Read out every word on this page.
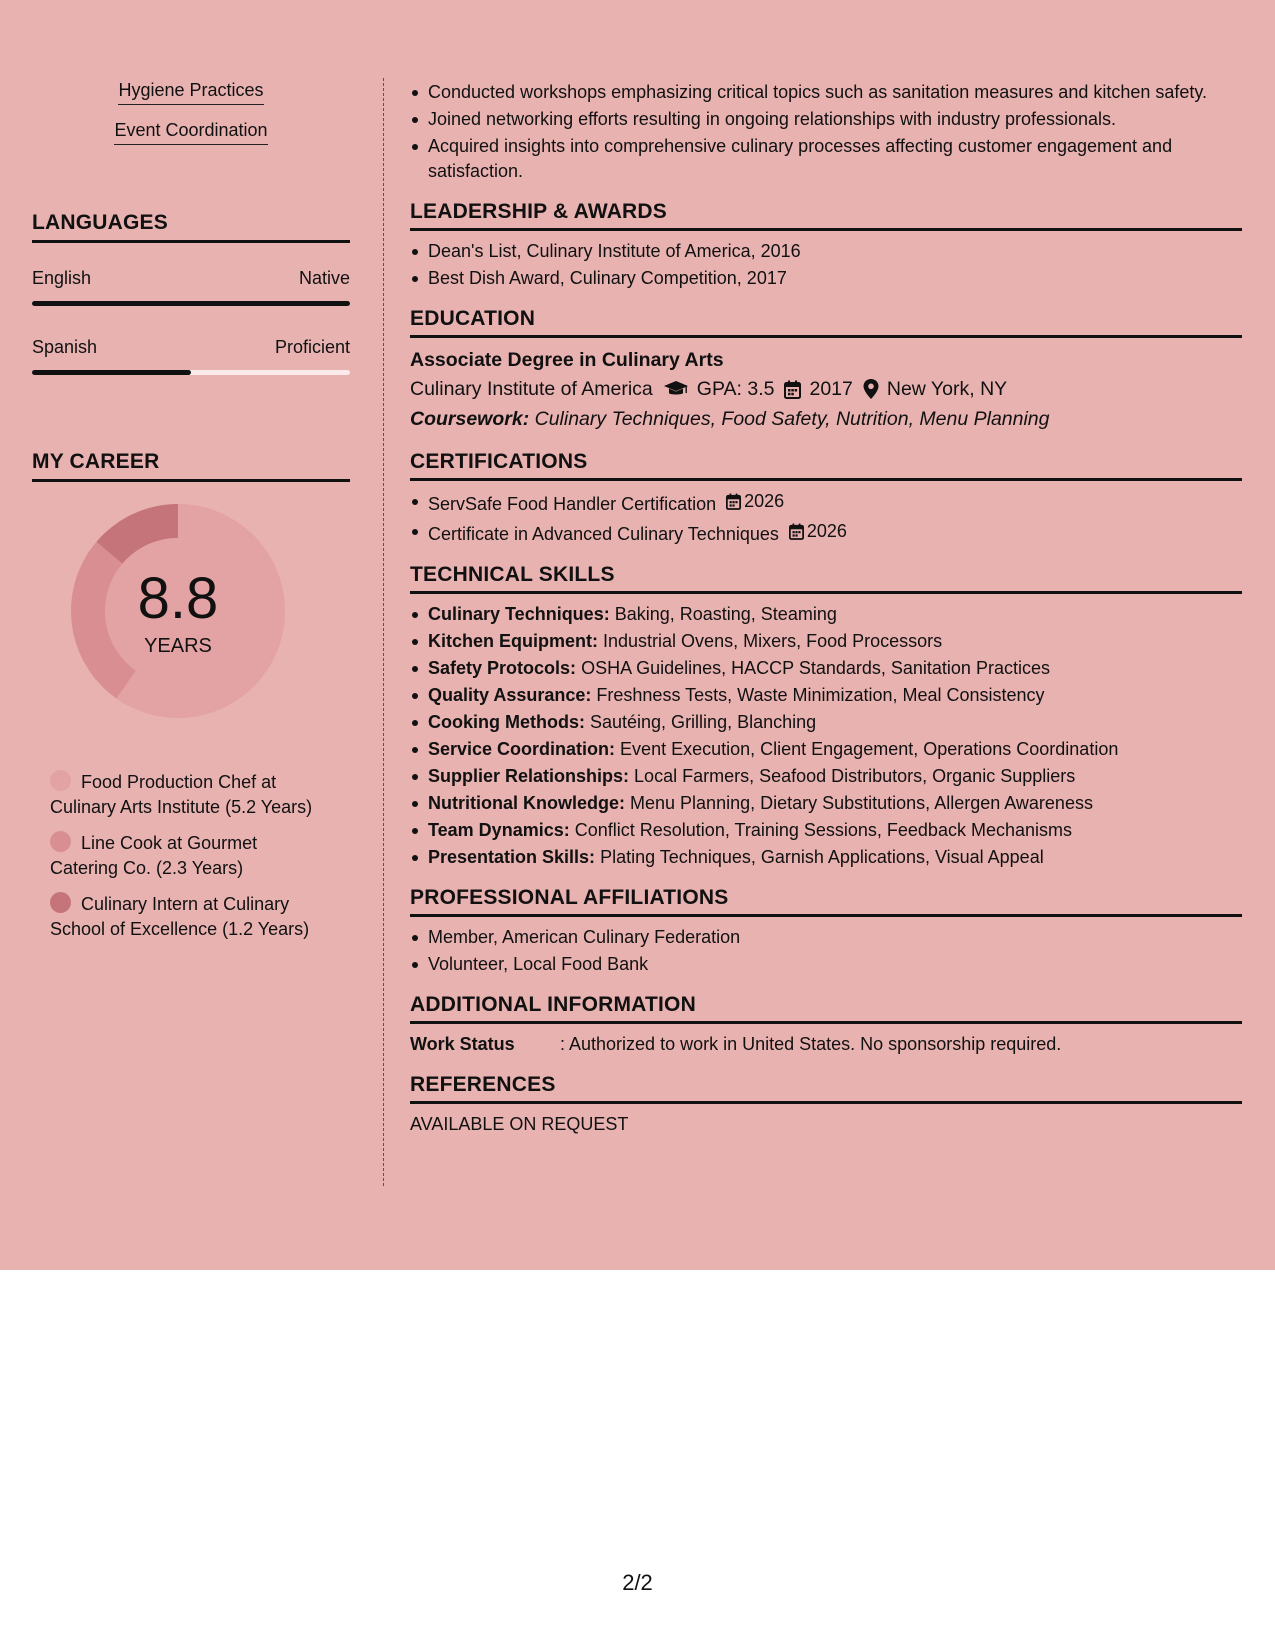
Hygiene Practices
Event Coordination
LANGUAGES
English	Native
Spanish	Proficient
MY CAREER
8.8
YEARS
Food Production Chef at Culinary Arts Institute (5.2 Years)
Line Cook at Gourmet Catering Co. (2.3 Years)
Culinary Intern at Culinary School of Excellence (1.2 Years)
Conducted workshops emphasizing critical topics such as sanitation measures and kitchen safety.
Joined networking efforts resulting in ongoing relationships with industry professionals.
Acquired insights into comprehensive culinary processes affecting customer engagement and satisfaction.
LEADERSHIP & AWARDS
Dean's List, Culinary Institute of America, 2016
Best Dish Award, Culinary Competition, 2017
EDUCATION
Associate Degree in Culinary Arts
Culinary Institute of America GPA: 3.5 2017 New York, NY
Coursework: Culinary Techniques, Food Safety, Nutrition, Menu Planning
CERTIFICATIONS
ServSafe Food Handler Certification 2026
Certificate in Advanced Culinary Techniques 2026
TECHNICAL SKILLS
Culinary Techniques: Baking, Roasting, Steaming
Kitchen Equipment: Industrial Ovens, Mixers, Food Processors
Safety Protocols: OSHA Guidelines, HACCP Standards, Sanitation Practices
Quality Assurance: Freshness Tests, Waste Minimization, Meal Consistency
Cooking Methods: Sautéing, Grilling, Blanching
Service Coordination: Event Execution, Client Engagement, Operations Coordination
Supplier Relationships: Local Farmers, Seafood Distributors, Organic Suppliers
Nutritional Knowledge: Menu Planning, Dietary Substitutions, Allergen Awareness
Team Dynamics: Conflict Resolution, Training Sessions, Feedback Mechanisms
Presentation Skills: Plating Techniques, Garnish Applications, Visual Appeal
PROFESSIONAL AFFILIATIONS
Member, American Culinary Federation
Volunteer, Local Food Bank
ADDITIONAL INFORMATION
Work Status	: Authorized to work in United States. No sponsorship required.
REFERENCES
AVAILABLE ON REQUEST
2/2
